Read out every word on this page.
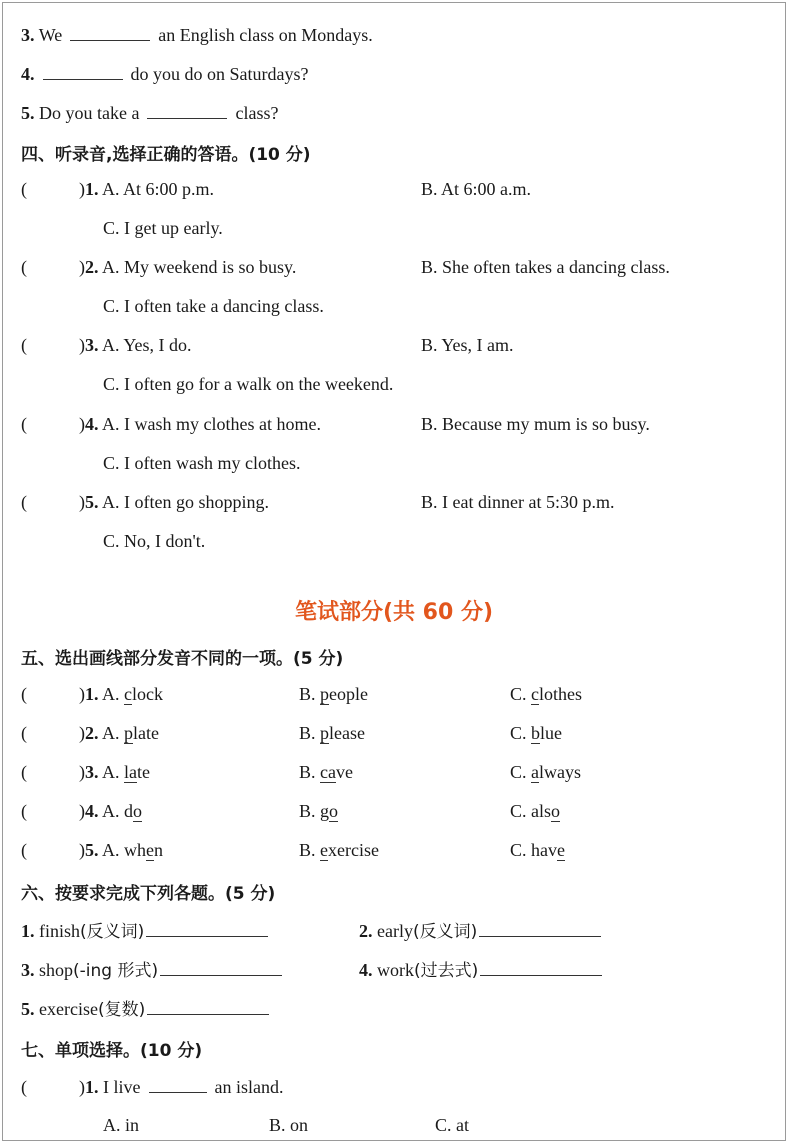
3. We	an English class on Mondays.
4.	do you do on Saturdays?
5. Do you take a	class?
四、听录音,选择正确的答语。(10 分)
(	)1. A. At 6:00 p.m.	B. At 6:00 a.m.
C. I get up early.
(	)2. A. My weekend is so busy.	B. She often takes a dancing class.
C. I often take a dancing class.
(	)3. A. Yes, I do.	B. Yes, I am.
C. I often go for a walk on the weekend.
(	)4. A. I wash my clothes at home.	B. Because my mum is so busy.
C. I often wash my clothes.
(	)5. A. I often go shopping.	B. I eat dinner at 5:30 p.m.
C. No, I don't.
笔试部分(共 60 分)
五、选出画线部分发音不同的一项。(5 分)
(	)1. A. clock	B. people	C. clothes
(	)2. A. plate	B. please	C. blue
(	)3. A. late	B. cave	C. always
(	)4. A. do	B. go	C. also
(	)5. A. when	B. exercise	C. have
六、按要求完成下列各题。(5 分)
1. finish(反义词)	2. early(反义词)
3. shop(-ing 形式)	4. work(过去式)
5. exercise(复数)
七、单项选择。(10 分)
(	)1. I live	an island.
A. in	B. on	C. at
